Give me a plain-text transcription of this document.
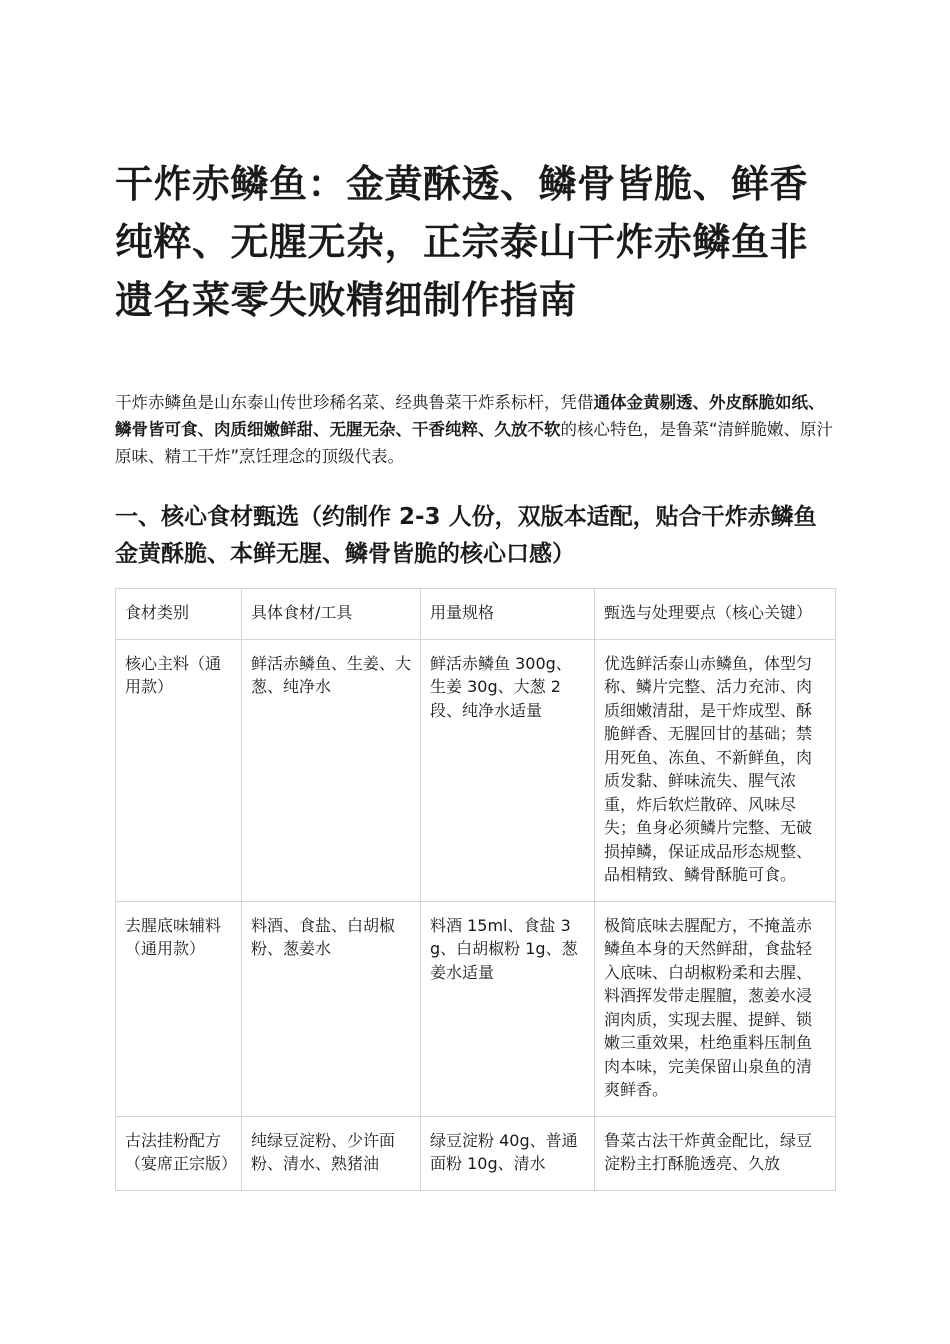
干炸赤鳞鱼：金黄酥透、鳞骨皆脆、鲜香纯粹、无腥无杂，正宗泰山干炸赤鳞鱼非遗名菜零失败精细制作指南

干炸赤鳞鱼是山东泰山传世珍稀名菜、经典鲁菜干炸系标杆，凭借通体金黄剔透、外皮酥脆如纸、鳞骨皆可食、肉质细嫩鲜甜、无腥无杂、干香纯粹、久放不软的核心特色，是鲁菜“清鲜脆嫩、原汁原味、精工干炸”烹饪理念的顶级代表。

一、核心食材甄选（约制作 2-3 人份，双版本适配，贴合干炸赤鳞鱼金黄酥脆、本鲜无腥、鳞骨皆脆的核心口感）
食材类别	具体食材/工具	用量规格	甄选与处理要点（核心关键）
核心主料（通用款）	鲜活赤鳞鱼、生姜、大葱、纯净水	鲜活赤鳞鱼 300g、生姜 30g、大葱 2 段、纯净水适量	优选鲜活泰山赤鳞鱼，体型匀称、鳞片完整、活力充沛、肉质细嫩清甜，是干炸成型、酥脆鲜香、无腥回甘的基础；禁用死鱼、冻鱼、不新鲜鱼，肉质发黏、鲜味流失、腥气浓重，炸后软烂散碎、风味尽失；鱼身必须鳞片完整、无破损掉鳞，保证成品形态规整、品相精致、鳞骨酥脆可食。
去腥底味辅料（通用款）	料酒、食盐、白胡椒粉、葱姜水	料酒 15ml、食盐 3g、白胡椒粉 1g、葱姜水适量	极简底味去腥配方，不掩盖赤鳞鱼本身的天然鲜甜，食盐轻入底味、白胡椒粉柔和去腥、料酒挥发带走腥膻，葱姜水浸润肉质，实现去腥、提鲜、锁嫩三重效果，杜绝重料压制鱼肉本味，完美保留山泉鱼的清爽鲜香。
古法挂粉配方（宴席正宗版）	纯绿豆淀粉、少许面粉、清水、熟猪油	绿豆淀粉 40g、普通面粉 10g、清水	鲁菜古法干炸黄金配比，绿豆淀粉主打酥脆透亮、久放
